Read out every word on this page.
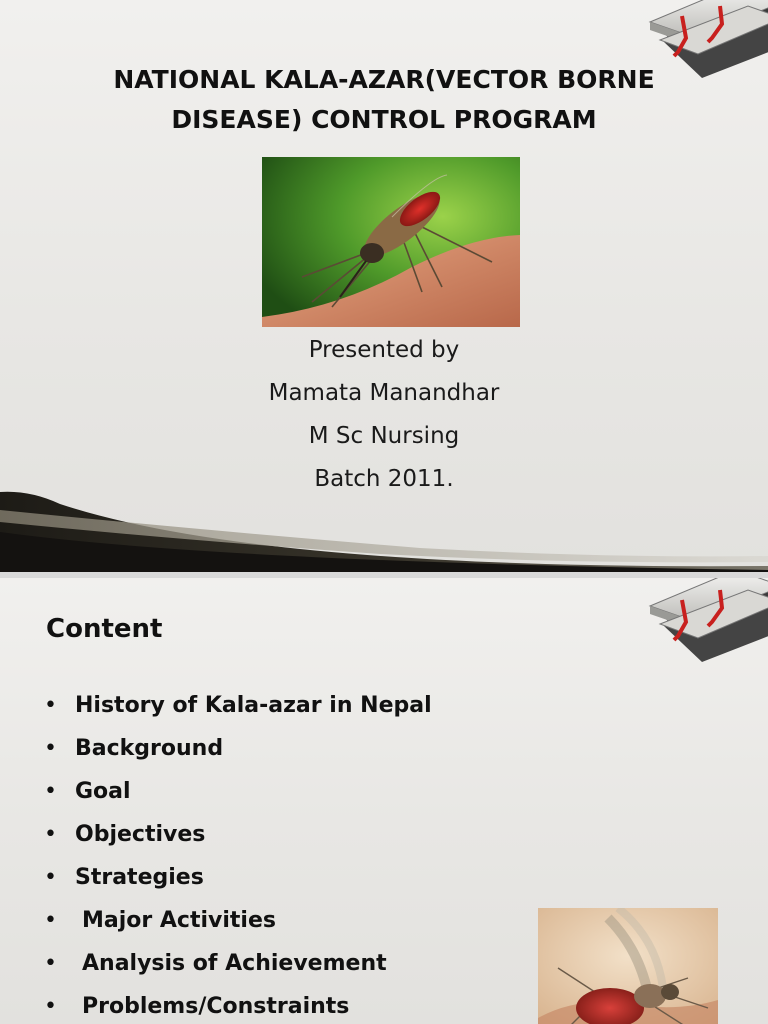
NATIONAL KALA-AZAR(VECTOR BORNE
DISEASE) CONTROL PROGRAM
Presented by
Mamata Manandhar
M Sc Nursing
Batch 2011.
Content
• History of Kala-azar in Nepal
• Background
• Goal
• Objectives
• Strategies
• Major Activities
• Analysis of Achievement
• Problems/Constraints
